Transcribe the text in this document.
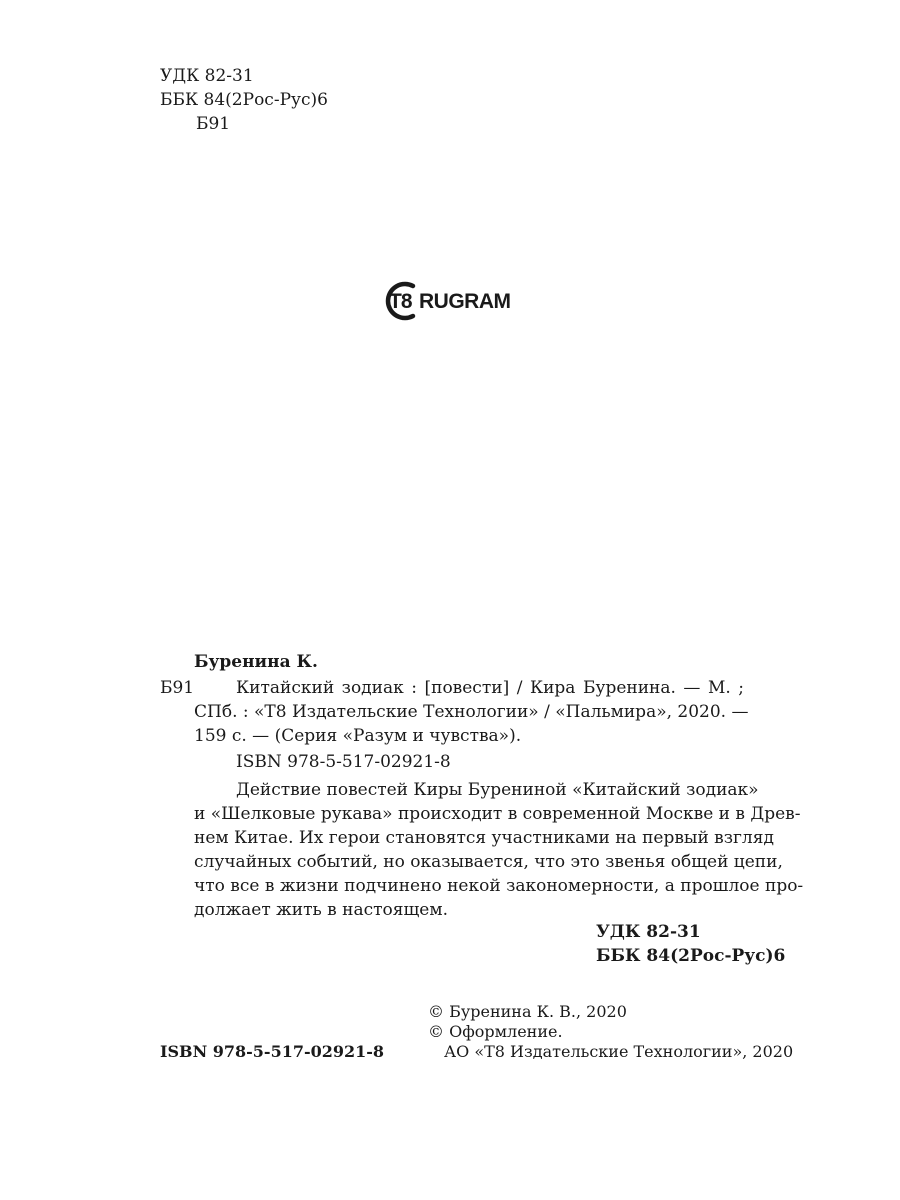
УДК 82-31
ББК 84(2Рос-Рус)6
Б91
T8 RUGRAM
Буренина К.
Б91 Китайский зодиак : [повести] / Кира Буренина. — М. ;
СПб. : «Т8 Издательские Технологии» / «Пальмира», 2020. —
159 с. — (Серия «Разум и чувства»).
ISBN 978-5-517-02921-8
Действие повестей Киры Бурениной «Китайский зодиак»
и «Шелковые рукава» происходит в современной Москве и в Древ-
нем Китае. Их герои становятся участниками на первый взгляд
случайных событий, но оказывается, что это звенья общей цепи,
что все в жизни подчинено некой закономерности, а прошлое про-
должает жить в настоящем.
УДК 82-31
ББК 84(2Рос-Рус)6
ISBN 978-5-517-02921-8
© Буренина К. В., 2020
© Оформление.
АО «Т8 Издательские Технологии», 2020
